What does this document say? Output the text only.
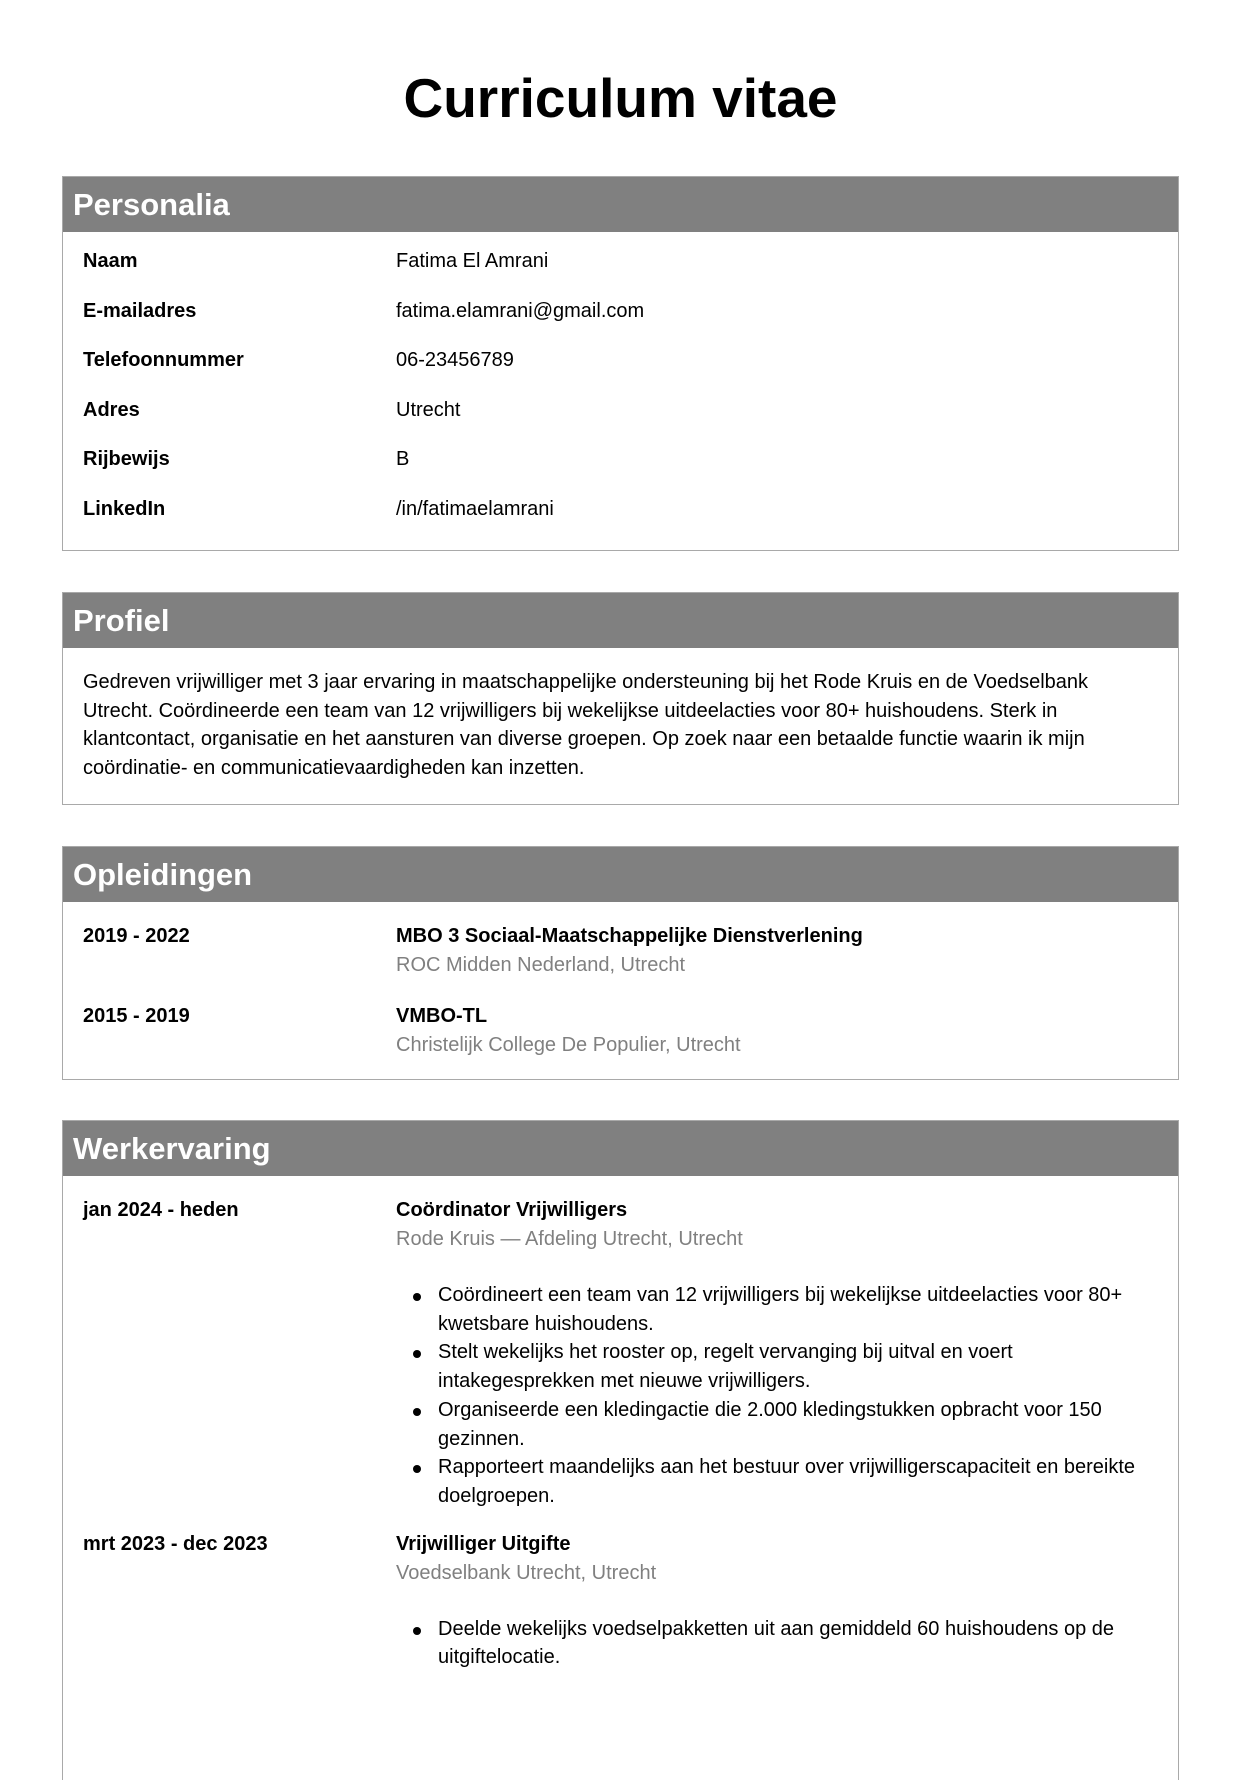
Curriculum vitae
Personalia
Naam	Fatima El Amrani
E-mailadres	fatima.elamrani@gmail.com
Telefoonnummer	06-23456789
Adres	Utrecht
Rijbewijs	B
LinkedIn	/in/fatimaelamrani
Profiel
Gedreven vrijwilliger met 3 jaar ervaring in maatschappelijke ondersteuning bij het Rode Kruis en de Voedselbank Utrecht. Coördineerde een team van 12 vrijwilligers bij wekelijkse uitdeelacties voor 80+ huishoudens. Sterk in klantcontact, organisatie en het aansturen van diverse groepen. Op zoek naar een betaalde functie waarin ik mijn coördinatie- en communicatievaardigheden kan inzetten.
Opleidingen
2019 - 2022	MBO 3 Sociaal-Maatschappelijke Dienstverlening
ROC Midden Nederland, Utrecht
2015 - 2019	VMBO-TL
Christelijk College De Populier, Utrecht
Werkervaring
jan 2024 - heden	Coördinator Vrijwilligers
Rode Kruis — Afdeling Utrecht, Utrecht
Coördineert een team van 12 vrijwilligers bij wekelijkse uitdeelacties voor 80+ kwetsbare huishoudens.
Stelt wekelijks het rooster op, regelt vervanging bij uitval en voert intakegesprekken met nieuwe vrijwilligers.
Organiseerde een kledingactie die 2.000 kledingstukken opbracht voor 150 gezinnen.
Rapporteert maandelijks aan het bestuur over vrijwilligerscapaciteit en bereikte doelgroepen.
mrt 2023 - dec 2023	Vrijwilliger Uitgifte
Voedselbank Utrecht, Utrecht
Deelde wekelijks voedselpakketten uit aan gemiddeld 60 huishoudens op de uitgiftelocatie.
